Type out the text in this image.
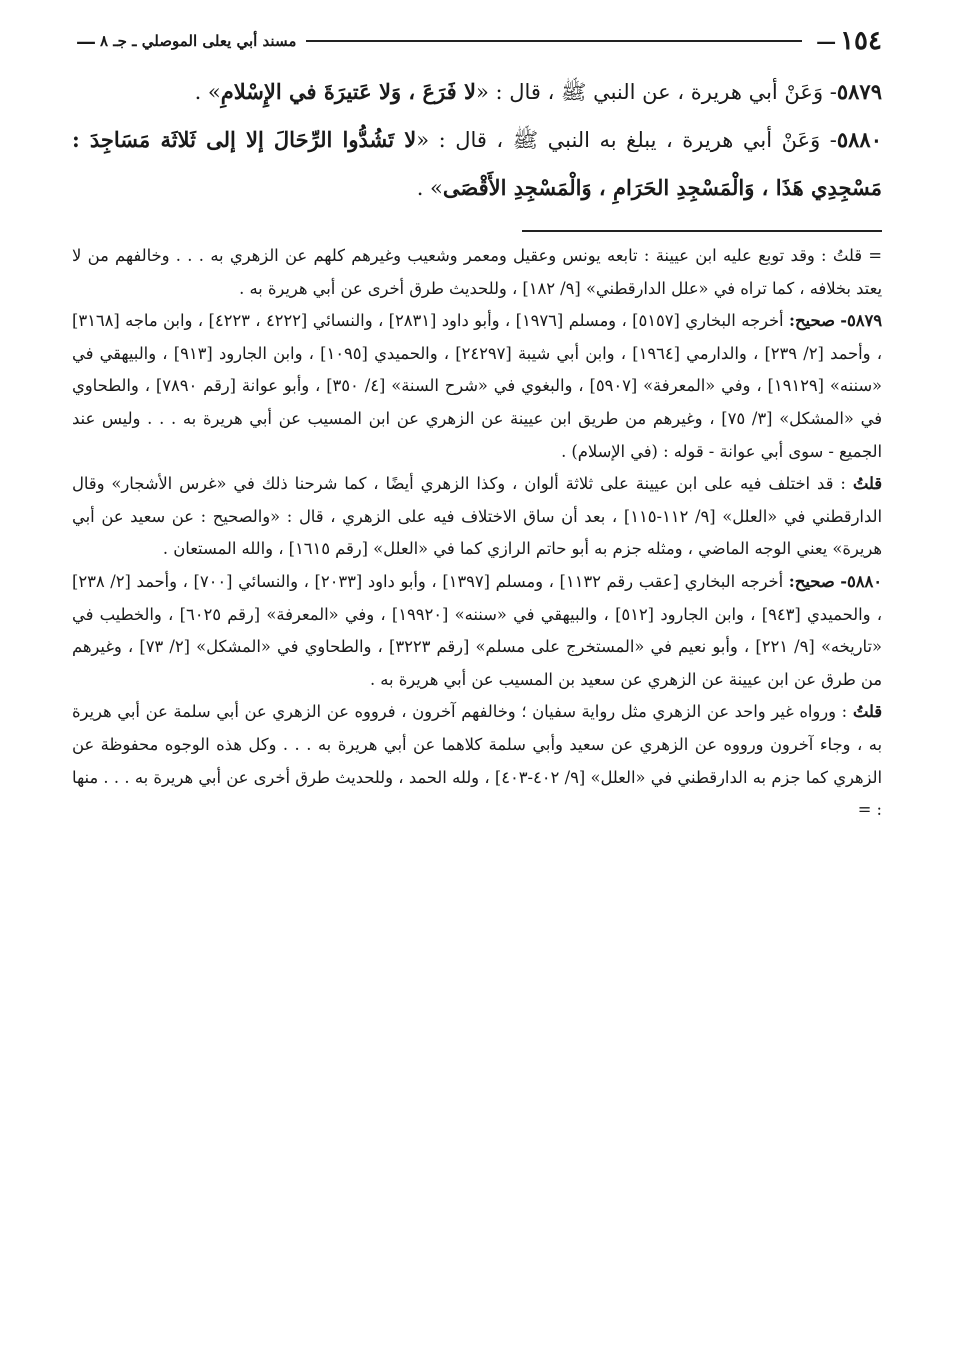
١٥٤
—
مسند أبي يعلى الموصلي ـ جـ ٨
—

٥٨٧٩- وَعَنْ أبي هريرة ، عن النبي ﷺ ، قال : «لا فَرَعَ ، وَلا عَتيرَةَ في الإِسْلامِ» .

٥٨٨٠- وَعَنْ أبي هريرة ، يبلغ به النبي ﷺ ، قال : «لا تَشُدُّوا الرِّحَالَ إلا إلى ثَلاثَة مَسَاجِدَ : مَسْجِدِي هَذَا ، وَالْمَسْجِدِ الحَرَامِ ، وَالْمَسْجِدِ الأَقْصَى» .

= قلتُ : وقد توبع عليه ابن عيينة : تابعه يونس وعقيل ومعمر وشعيب وغيرهم كلهم عن الزهري به . . . وخالفهم من لا يعتد بخلافه ، كما تراه في «علل الدارقطني» [٩/ ١٨٢] ، وللحديث طرق أخرى عن أبي هريرة به .

٥٨٧٩- صحيح: أخرجه البخاري [٥١٥٧] ، ومسلم [١٩٧٦] ، وأبو داود [٢٨٣١] ، والنسائي [٤٢٢٢ ، ٤٢٢٣] ، وابن ماجه [٣١٦٨] ، وأحمد [٢/ ٢٣٩] ، والدارمي [١٩٦٤] ، وابن أبي شيبة [٢٤٢٩٧] ، والحميدي [١٠٩٥] ، وابن الجارود [٩١٣] ، والبيهقي في «سننه» [١٩١٢٩] ، وفي «المعرفة» [٥٩٠٧] ، والبغوي في «شرح السنة» [٤/ ٣٥٠] ، وأبو عوانة [رقم ٧٨٩٠] ، والطحاوي في «المشكل» [٣/ ٧٥] ، وغيرهم من طريق ابن عيينة عن الزهري عن ابن المسيب عن أبي هريرة به . . . وليس عند الجميع - سوى أبي عوانة - قوله : (في الإسلام) .

قلتُ : قد اختلف فيه على ابن عيينة على ثلاثة ألوان ، وكذا الزهري أيضًا ، كما شرحنا ذلك في «غرس الأشجار» وقال الدارقطني في «العلل» [٩/ ١١٢-١١٥] ، بعد أن ساق الاختلاف فيه على الزهري ، قال : «والصحيح : عن سعيد عن أبي هريرة» يعني الوجه الماضي ، ومثله جزم به أبو حاتم الرازي كما في «العلل» [رقم ١٦١٥] ، والله المستعان .

٥٨٨٠- صحيح: أخرجه البخاري [عقب رقم ١١٣٢] ، ومسلم [١٣٩٧] ، وأبو داود [٢٠٣٣] ، والنسائي [٧٠٠] ، وأحمد [٢/ ٢٣٨] ، والحميدي [٩٤٣] ، وابن الجارود [٥١٢] ، والبيهقي في «سننه» [١٩٩٢٠] ، وفي «المعرفة» [رقم ٦٠٢٥] ، والخطيب في «تاريخه» [٩/ ٢٢١] ، وأبو نعيم في «المستخرج على مسلم» [رقم ٣٢٢٣] ، والطحاوي في «المشكل» [٢/ ٧٣] ، وغيرهم من طرق عن ابن عيينة عن الزهري عن سعيد بن المسيب عن أبي هريرة به .

قلتُ : ورواه غير واحد عن الزهري مثل رواية سفيان ؛ وخالفهم آخرون ، فرووه عن الزهري عن أبي سلمة عن أبي هريرة به ، وجاء آخرون ورووه عن الزهري عن سعيد وأبي سلمة كلاهما عن أبي هريرة به . . . وكل هذه الوجوه محفوظة عن الزهري كما جزم به الدارقطني في «العلل» [٩/ ٤٠٢-٤٠٣] ، ولله الحمد ، وللحديث طرق أخرى عن أبي هريرة به . . . منها : =
